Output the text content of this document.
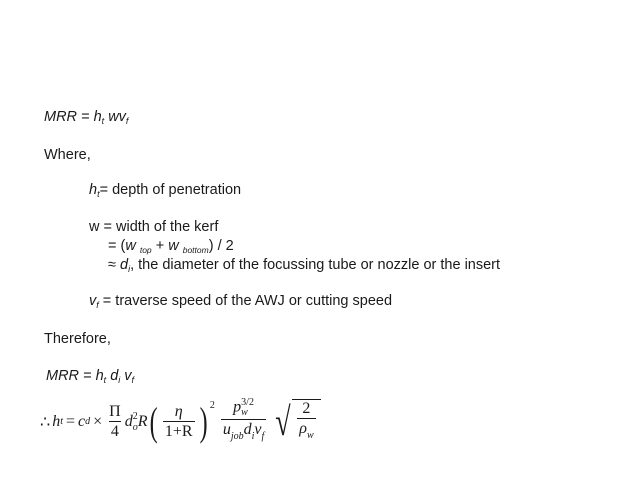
MRR = $h_t$ $wv_f$
Where,
$h_t=$ depth of penetration
w = width of the kerf
= (w $_{top}$ + w $_{bottom}$) / 2
≈ $d_i$, the diameter of the focussing tube or nozzle or the insert
$v_f$ = traverse speed of the AWJ or cutting speed
Therefore,
MRR = $h_t$ $d_i$ $v_f$
∴ h t = c $d \times \frac{\Pi}{4}$ d 2
o R ( $\frac{\eta}{1+R}$ ) 2 p 3/2
w
$u_{job}d_iv_f$ √ $\frac{2}{\rho_w}$
